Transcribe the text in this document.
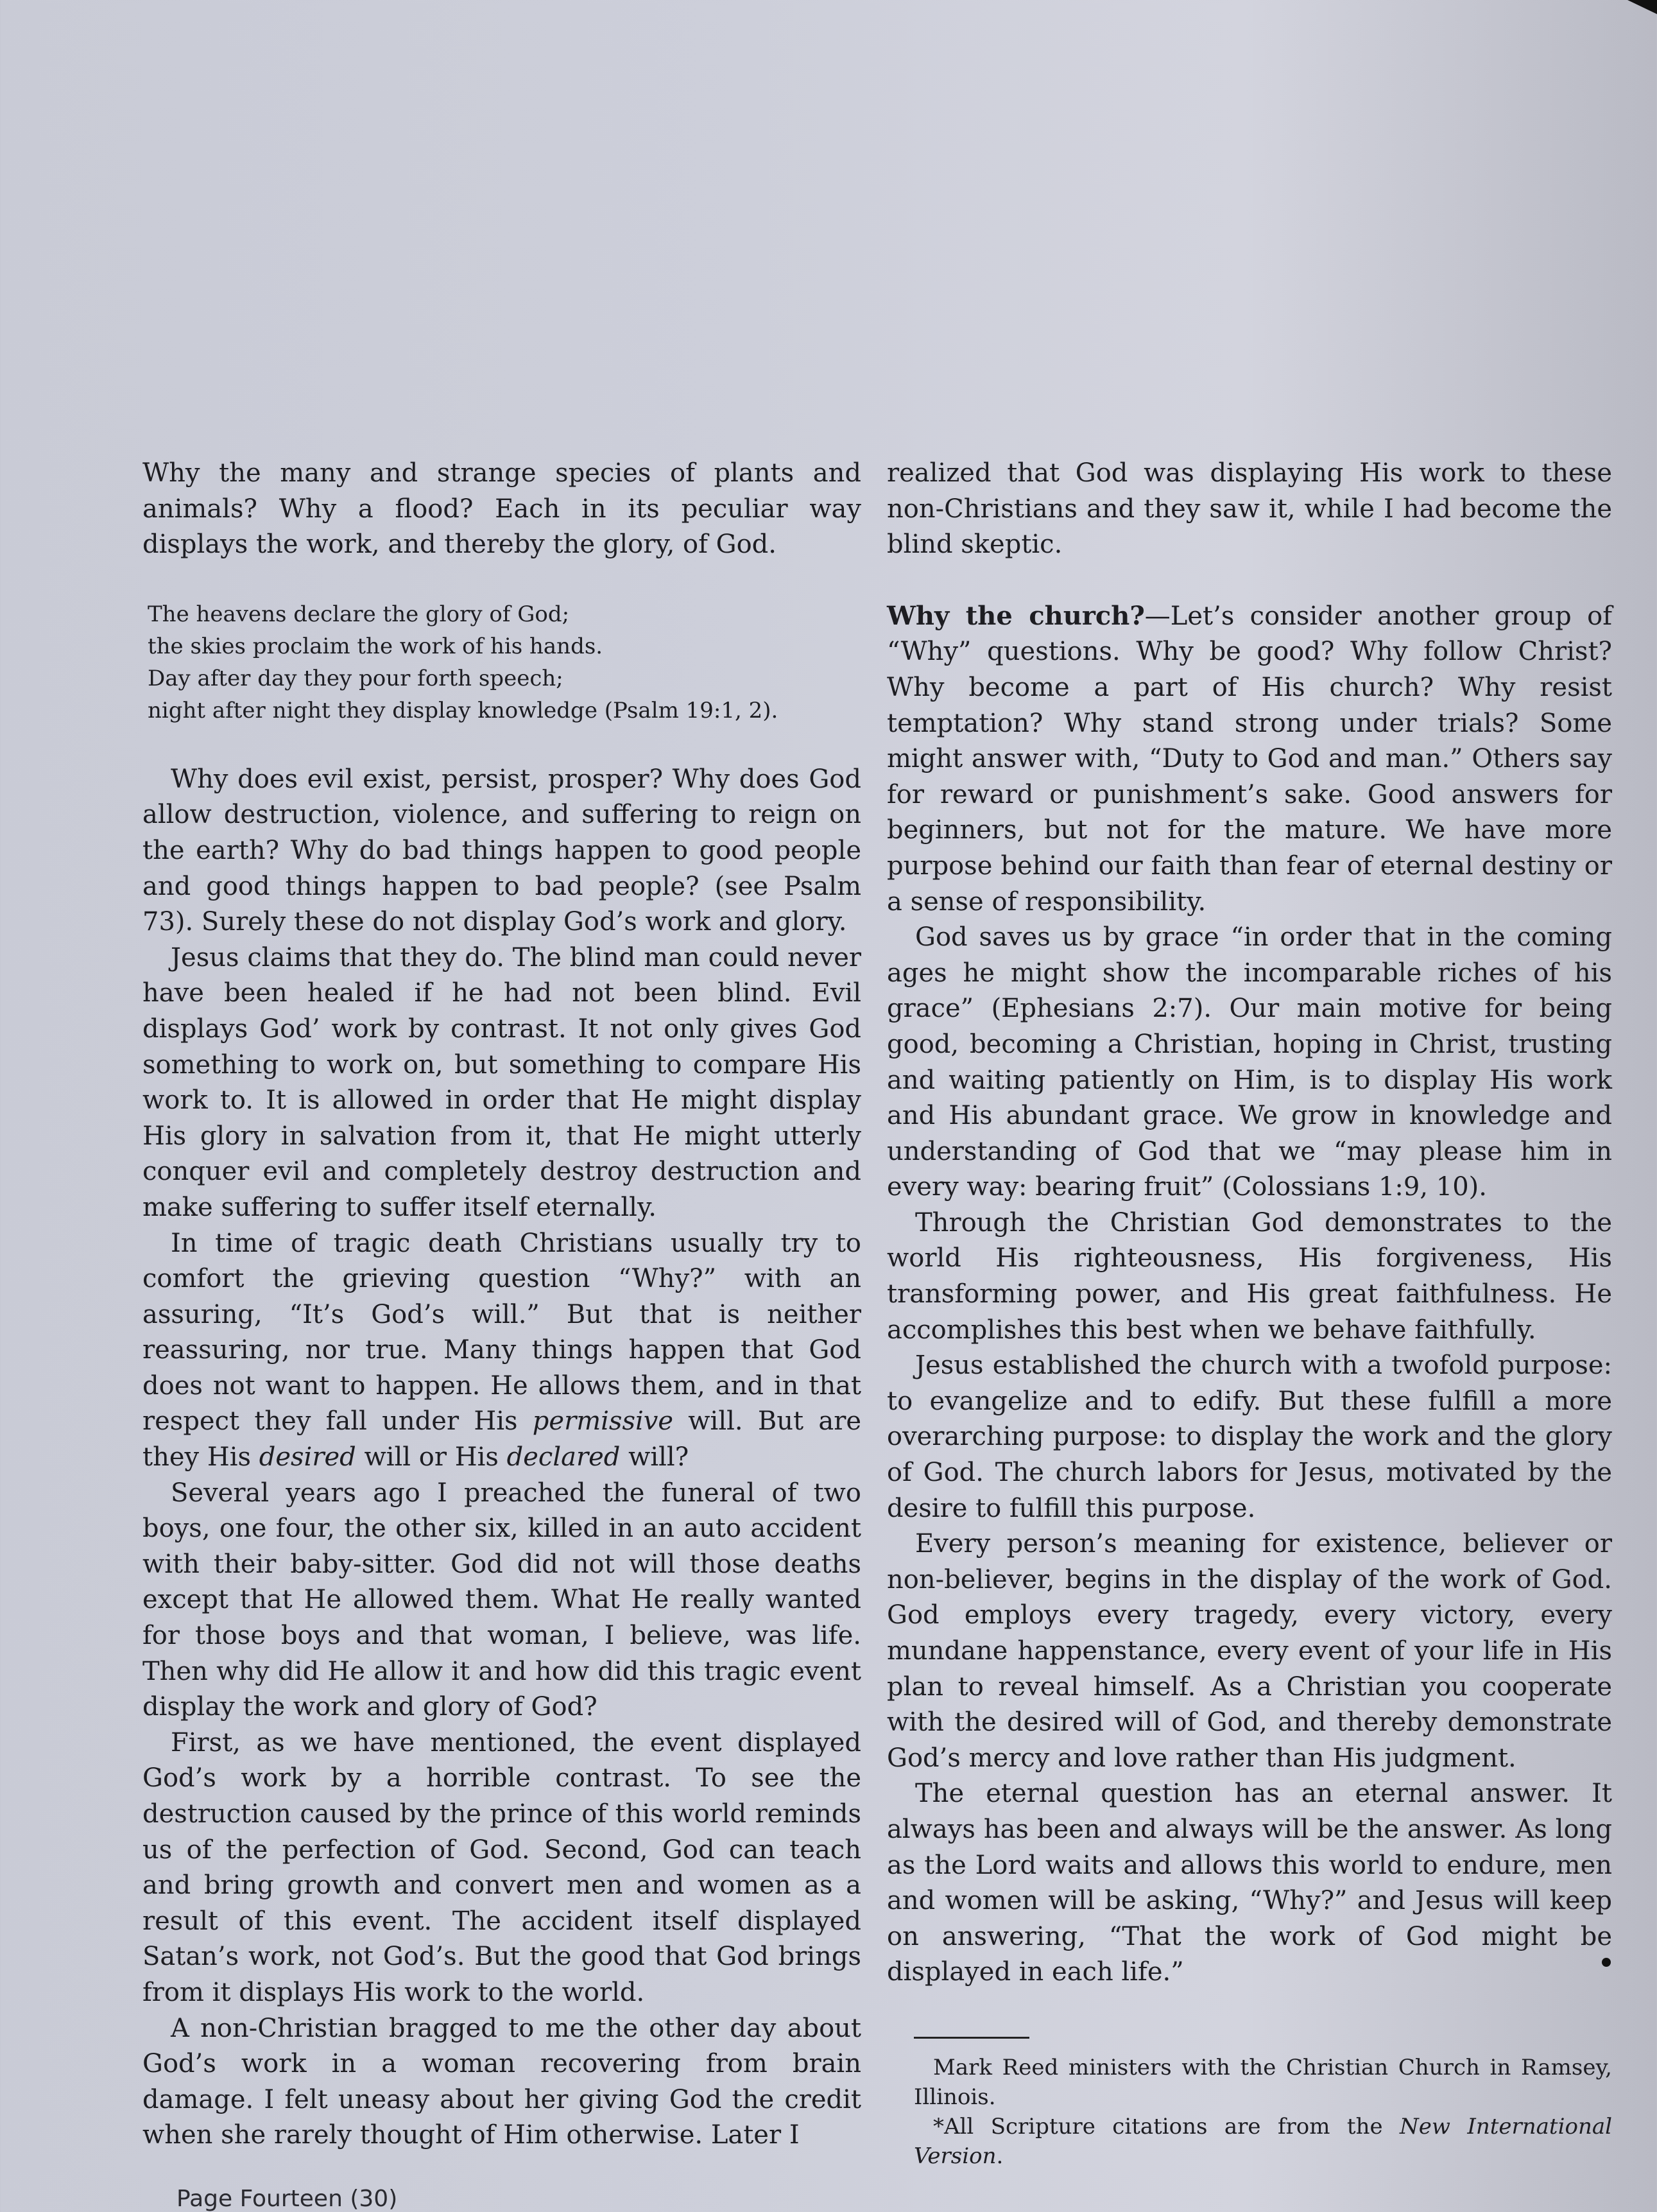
Why the many and strange species of plants and animals? Why a flood? Each in its peculiar way displays the work, and thereby the glory, of God.

The heavens declare the glory of God;
the skies proclaim the work of his hands.
Day after day they pour forth speech;
night after night they display knowledge (Psalm 19:1, 2).

Why does evil exist, persist, prosper? Why does God allow destruction, violence, and suffering to reign on the earth? Why do bad things happen to good people and good things happen to bad people? (see Psalm 73). Surely these do not display God’s work and glory.

Jesus claims that they do. The blind man could never have been healed if he had not been blind. Evil displays God’ work by contrast. It not only gives God something to work on, but something to compare His work to. It is allowed in order that He might display His glory in salvation from it, that He might utterly conquer evil and completely destroy destruction and make suffering to suffer itself eternally.

In time of tragic death Christians usually try to comfort the grieving question “Why?” with an assuring, “It’s God’s will.” But that is neither reassuring, nor true. Many things happen that God does not want to happen. He allows them, and in that respect they fall under His permissive will. But are they His desired will or His declared will?

Several years ago I preached the funeral of two boys, one four, the other six, killed in an auto accident with their baby-sitter. God did not will those deaths except that He allowed them. What He really wanted for those boys and that woman, I believe, was life. Then why did He allow it and how did this tragic event display the work and glory of God?

First, as we have mentioned, the event displayed God’s work by a horrible contrast. To see the destruction caused by the prince of this world reminds us of the perfection of God. Second, God can teach and bring growth and convert men and women as a result of this event. The accident itself displayed Satan’s work, not God’s. But the good that God brings from it displays His work to the world.

A non-Christian bragged to me the other day about God’s work in a woman recovering from brain damage. I felt uneasy about her giving God the credit when she rarely thought of Him otherwise. Later I

realized that God was displaying His work to these non-Christians and they saw it, while I had become the blind skeptic.

Why the church?—Let’s consider another group of “Why” questions. Why be good? Why follow Christ? Why become a part of His church? Why resist temptation? Why stand strong under trials? Some might answer with, “Duty to God and man.” Others say for reward or punishment’s sake. Good answers for beginners, but not for the mature. We have more purpose behind our faith than fear of eternal destiny or a sense of responsibility.

God saves us by grace “in order that in the coming ages he might show the incomparable riches of his grace” (Ephesians 2:7). Our main motive for being good, becoming a Christian, hoping in Christ, trusting and waiting patiently on Him, is to display His work and His abundant grace. We grow in knowledge and understanding of God that we “may please him in every way: bearing fruit” (Colossians 1:9, 10).

Through the Christian God demonstrates to the world His righteousness, His forgiveness, His transforming power, and His great faithfulness. He accomplishes this best when we behave faithfully.

Jesus established the church with a twofold purpose: to evangelize and to edify. But these fulfill a more overarching purpose: to display the work and the glory of God. The church labors for Jesus, motivated by the desire to fulfill this purpose.

Every person’s meaning for existence, believer or non-believer, begins in the display of the work of God. God employs every tragedy, every victory, every mundane happenstance, every event of your life in His plan to reveal himself. As a Christian you cooperate with the desired will of God, and thereby demonstrate God’s mercy and love rather than His judgment.

The eternal question has an eternal answer. It always has been and always will be the answer. As long as the Lord waits and allows this world to endure, men and women will be asking, “Why?” and Jesus will keep on answering, “That the work of God might be displayed in each life.”

Mark Reed ministers with the Christian Church in Ramsey, Illinois.

*All Scripture citations are from the New International Version.

Page Fourteen (30)
